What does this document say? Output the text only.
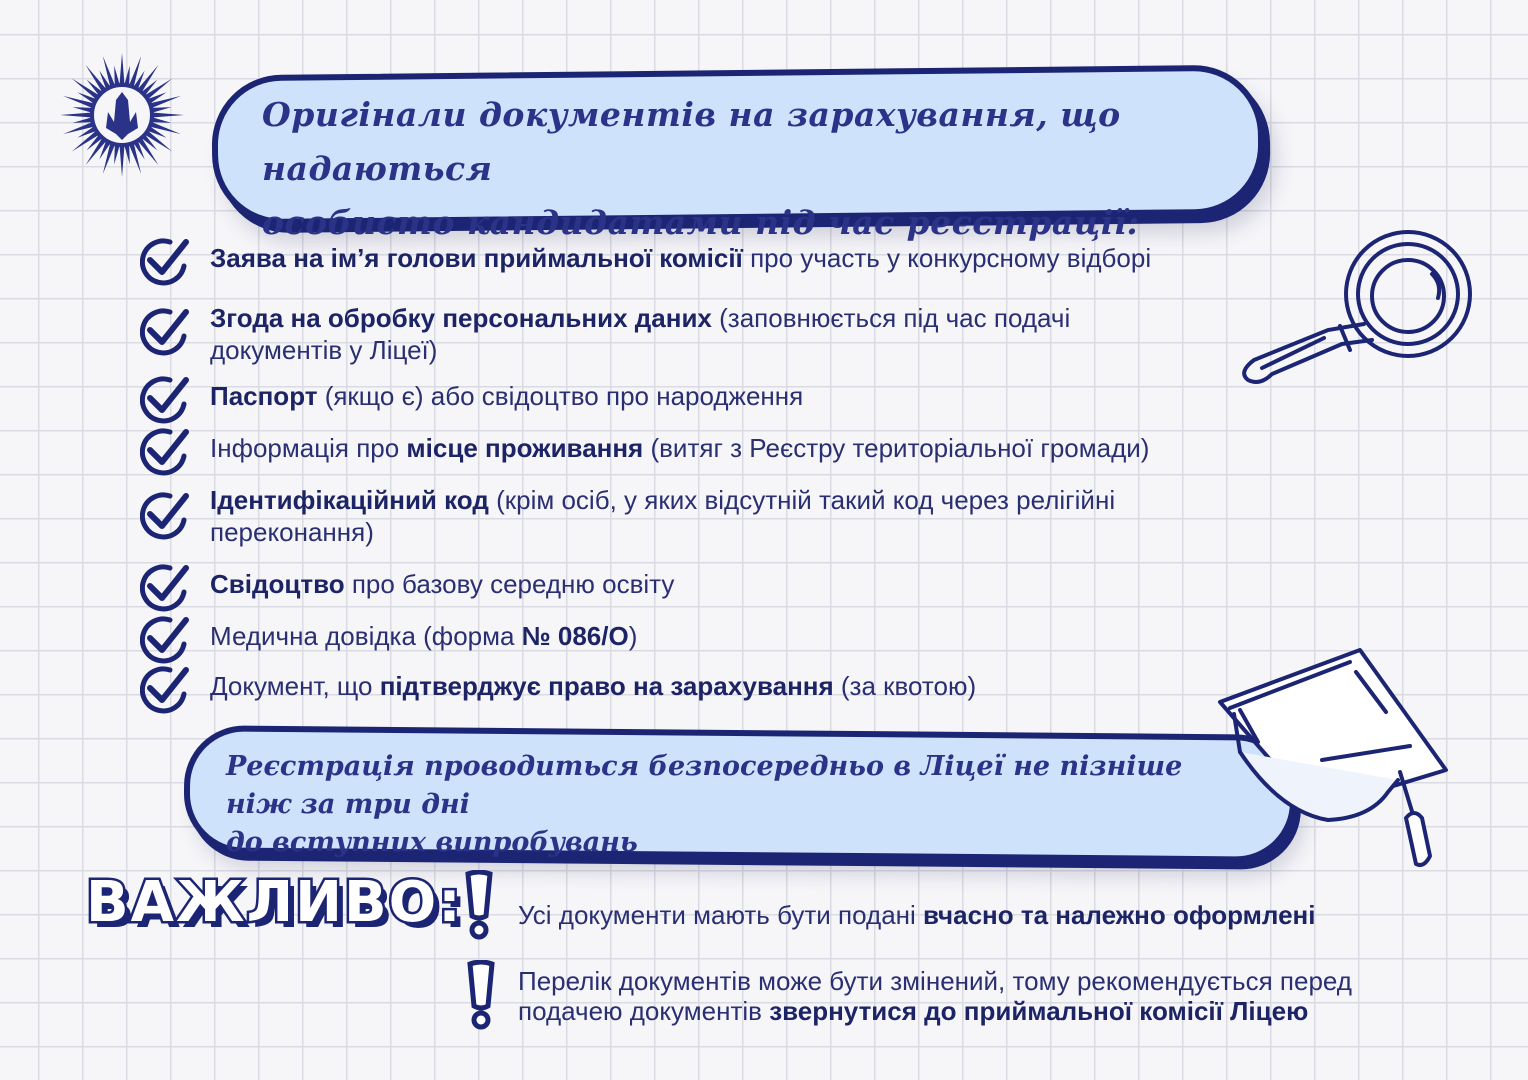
Оригінали документів на зарахування, що надаються
особисто кандидатами під час реєстрації:
Заява на ім’я голови приймальної комісії про участь у конкурсному відборі
Згода на обробку персональних даних (заповнюється під час подачі документів у Ліцеї)
Паспорт (якщо є) або свідоцтво про народження
Інформація про місце проживання (витяг з Реєстру територіальної громади)
Ідентифікаційний код (крім осіб, у яких відсутній такий код через релігійні переконання)
Свідоцтво про базову середню освіту
Медична довідка (форма № 086/О)
Документ, що підтверджує право на зарахування (за квотою)
Реєстрація проводиться безпосередньо в Ліцеї не пізніше ніж за три дні
до вступних випробувань
ВАЖЛИВО: Усі документи мають бути подані вчасно та належно оформлені
Перелік документів може бути змінений, тому рекомендується перед подачею документів звернутися до приймальної комісії Ліцею
